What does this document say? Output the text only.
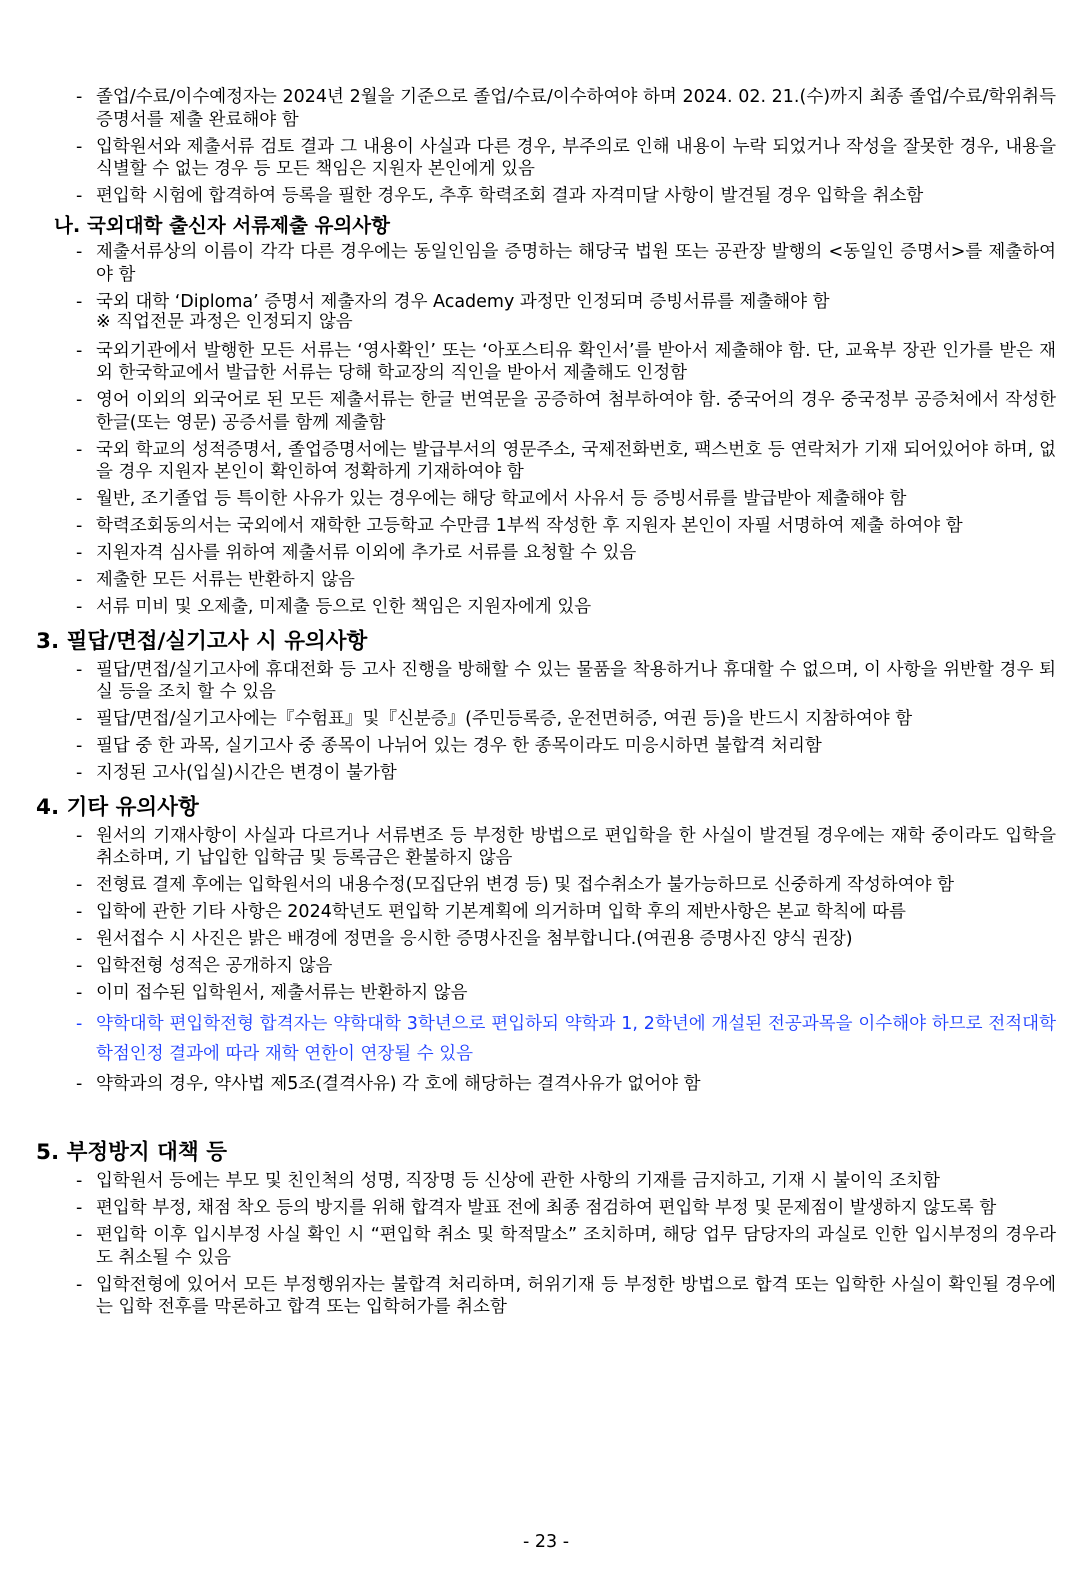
- 졸업/수료/이수예정자는 2024년 2월을 기준으로 졸업/수료/이수하여야 하며 2024. 02. 21.(수)까지 최종 졸업/수료/학위취득증명서를 제출 완료해야 함
- 입학원서와 제출서류 검토 결과 그 내용이 사실과 다른 경우, 부주의로 인해 내용이 누락 되었거나 작성을 잘못한 경우, 내용을 식별할 수 없는 경우 등 모든 책임은 지원자 본인에게 있음
- 편입학 시험에 합격하여 등록을 필한 경우도, 추후 학력조회 결과 자격미달 사항이 발견될 경우 입학을 취소함
나. 국외대학 출신자 서류제출 유의사항
- 제출서류상의 이름이 각각 다른 경우에는 동일인임을 증명하는 해당국 법원 또는 공관장 발행의 <동일인 증명서>를 제출하여야 함
- 국외 대학 ‘Diploma’ 증명서 제출자의 경우 Academy 과정만 인정되며 증빙서류를 제출해야 함
※ 직업전문 과정은 인정되지 않음
- 국외기관에서 발행한 모든 서류는 ‘영사확인’ 또는 ‘아포스티유 확인서’를 받아서 제출해야 함. 단, 교육부 장관 인가를 받은 재외 한국학교에서 발급한 서류는 당해 학교장의 직인을 받아서 제출해도 인정함
- 영어 이외의 외국어로 된 모든 제출서류는 한글 번역문을 공증하여 첨부하여야 함. 중국어의 경우 중국정부 공증처에서 작성한 한글(또는 영문) 공증서를 함께 제출함
- 국외 학교의 성적증명서, 졸업증명서에는 발급부서의 영문주소, 국제전화번호, 팩스번호 등 연락처가 기재 되어있어야 하며, 없을 경우 지원자 본인이 확인하여 정확하게 기재하여야 함
- 월반, 조기졸업 등 특이한 사유가 있는 경우에는 해당 학교에서 사유서 등 증빙서류를 발급받아 제출해야 함
- 학력조회동의서는 국외에서 재학한 고등학교 수만큼 1부씩 작성한 후 지원자 본인이 자필 서명하여 제출 하여야 함
- 지원자격 심사를 위하여 제출서류 이외에 추가로 서류를 요청할 수 있음
- 제출한 모든 서류는 반환하지 않음
- 서류 미비 및 오제출, 미제출 등으로 인한 책임은 지원자에게 있음
3. 필답/면접/실기고사 시 유의사항
- 필답/면접/실기고사에 휴대전화 등 고사 진행을 방해할 수 있는 물품을 착용하거나 휴대할 수 없으며, 이 사항을 위반할 경우 퇴실 등을 조치 할 수 있음
- 필답/면접/실기고사에는『수험표』및『신분증』(주민등록증, 운전면허증, 여권 등)을 반드시 지참하여야 함
- 필답 중 한 과목, 실기고사 중 종목이 나뉘어 있는 경우 한 종목이라도 미응시하면 불합격 처리함
- 지정된 고사(입실)시간은 변경이 불가함
4. 기타 유의사항
- 원서의 기재사항이 사실과 다르거나 서류변조 등 부정한 방법으로 편입학을 한 사실이 발견될 경우에는 재학 중이라도 입학을 취소하며, 기 납입한 입학금 및 등록금은 환불하지 않음
- 전형료 결제 후에는 입학원서의 내용수정(모집단위 변경 등) 및 접수취소가 불가능하므로 신중하게 작성하여야 함
- 입학에 관한 기타 사항은 2024학년도 편입학 기본계획에 의거하며 입학 후의 제반사항은 본교 학칙에 따름
- 원서접수 시 사진은 밝은 배경에 정면을 응시한 증명사진을 첨부합니다.(여권용 증명사진 양식 권장)
- 입학전형 성적은 공개하지 않음
- 이미 접수된 입학원서, 제출서류는 반환하지 않음
- 약학대학 편입학전형 합격자는 약학대학 3학년으로 편입하되 약학과 1, 2학년에 개설된 전공과목을 이수해야 하므로 전적대학 학점인정 결과에 따라 재학 연한이 연장될 수 있음
- 약학과의 경우, 약사법 제5조(결격사유) 각 호에 해당하는 결격사유가 없어야 함
5. 부정방지 대책 등
- 입학원서 등에는 부모 및 친인척의 성명, 직장명 등 신상에 관한 사항의 기재를 금지하고, 기재 시 불이익 조치함
- 편입학 부정, 채점 착오 등의 방지를 위해 합격자 발표 전에 최종 점검하여 편입학 부정 및 문제점이 발생하지 않도록 함
- 편입학 이후 입시부정 사실 확인 시 “편입학 취소 및 학적말소” 조치하며, 해당 업무 담당자의 과실로 인한 입시부정의 경우라도 취소될 수 있음
- 입학전형에 있어서 모든 부정행위자는 불합격 처리하며, 허위기재 등 부정한 방법으로 합격 또는 입학한 사실이 확인될 경우에는 입학 전후를 막론하고 합격 또는 입학허가를 취소함
- 23 -
